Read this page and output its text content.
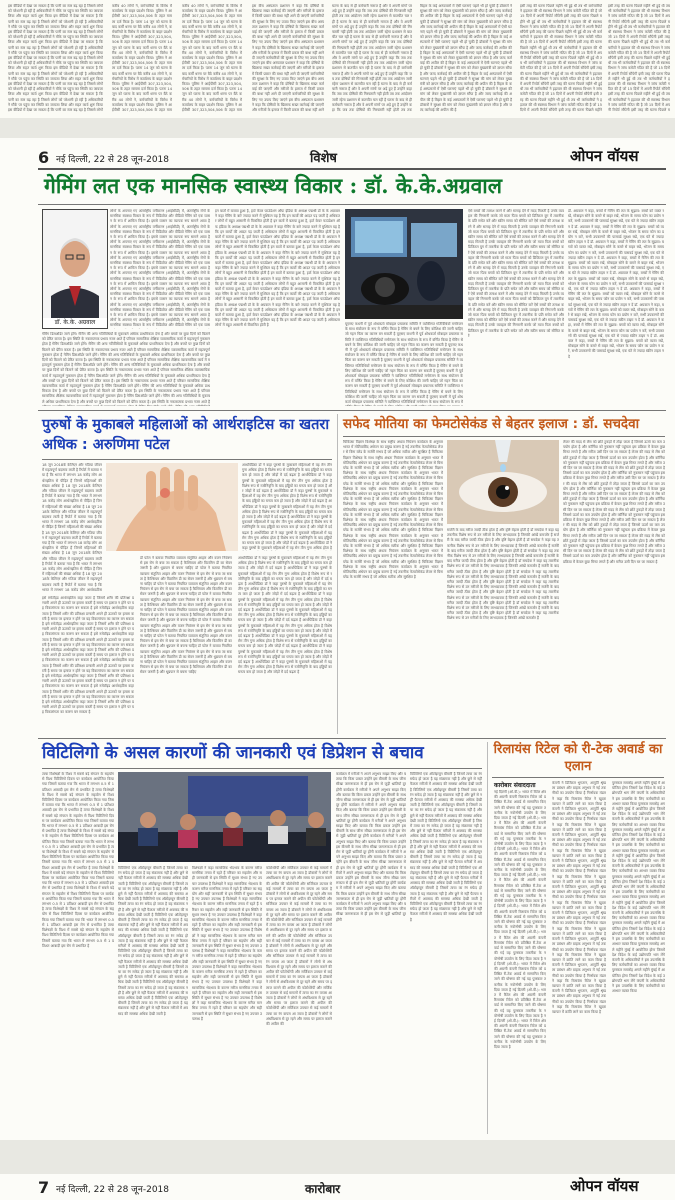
इस वीडियो में देखा जा सकता है कि पानी का स्तर बढ़ रहा है जिससे लोगों को परेशानी हो रही है अधिकारियों ने मौके पर पहुंच कर स्थिति का जायजा लिया और राहत कार्य शुरू किया इस वीडियो में देखा जा सकता है कि पानी का स्तर बढ़ रहा है जिससे लोगों को परेशानी हो रही है अधिकारियों ने मौके पर पहुंच कर स्थिति का जायजा लिया और राहत कार्य शुरू किया इस वीडियो में देखा जा सकता है कि पानी का स्तर बढ़ रहा है जिससे लोगों को परेशानी हो रही है अधिकारियों ने मौके पर पहुंच कर स्थिति का जायजा लिया और राहत कार्य शुरू किया इस वीडियो में देखा जा सकता है कि पानी का स्तर बढ़ रहा है जिससे लोगों को परेशानी हो रही है अधिकारियों ने मौके पर पहुंच कर स्थिति का जायजा लिया और राहत कार्य शुरू किया इस वीडियो में देखा जा सकता है कि पानी का स्तर बढ़ रहा है जिससे लोगों को परेशानी हो रही है अधिकारियों ने मौके पर पहुंच कर स्थिति का जायजा लिया और राहत कार्य शुरू किया इस वीडियो में देखा जा सकता है कि पानी का स्तर बढ़ रहा है जिससे लोगों को परेशानी हो रही है अधिकारियों ने मौके पर पहुंच कर स्थिति का जायजा लिया और राहत कार्य शुरू किया इस वीडियो में देखा जा सकता है कि पानी का स्तर बढ़ रहा है जिससे लोगों को परेशानी हो रही है अधिकारियों ने मौके पर पहुंच कर स्थिति का जायजा लिया और राहत कार्य शुरू किया इस वीडियो में देखा जा सकता है कि पानी का स्तर बढ़ रहा है जिससे लोगों को परेशानी हो रही है अधिकारियों ने मौके पर पहुंच कर स्थिति का जायजा लिया और राहत कार्य शुरू किया इस वीडियो में देखा जा सकता है कि पानी का स्तर बढ़ रहा है जिससे लोगों
करीब 40 लोगों ने, कर्मचारियों के विरोध में कार्यालय के बाहर प्रदर्शन किया। पुलिस ने आईपीसी 307,323,504,506 के तहत मामला दर्ज किया है। पटना 14 जून को घटना के बाद कर्मी धरना पर बैठे करीब 40 लोगों ने, कर्मचारियों के विरोध में कार्यालय के बाहर प्रदर्शन किया। पुलिस ने आईपीसी 307,323,504,506 के तहत मामला दर्ज किया है। पटना 14 जून को घटना के बाद कर्मी धरना पर बैठे करीब 40 लोगों ने, कर्मचारियों के विरोध में कार्यालय के बाहर प्रदर्शन किया। पुलिस ने आईपीसी 307,323,504,506 के तहत मामला दर्ज किया है। पटना 14 जून को घटना के बाद कर्मी धरना पर बैठे करीब 40 लोगों ने, कर्मचारियों के विरोध में कार्यालय के बाहर प्रदर्शन किया। पुलिस ने आईपीसी 307,323,504,506 के तहत मामला दर्ज किया है। पटना 14 जून को घटना के बाद कर्मी धरना पर बैठे करीब 40 लोगों ने, कर्मचारियों के विरोध में कार्यालय के बाहर प्रदर्शन किया। पुलिस ने आईपीसी 307,323,504,506 के तहत माम
करीब 40 लोगों ने, कर्मचारियों के विरोध में कार्यालय के बाहर प्रदर्शन किया। पुलिस ने आईपीसी 307,323,504,506 के तहत मामला दर्ज किया है। पटना 14 जून को घटना के बाद कर्मी धरना पर बैठे करीब 40 लोगों ने, कर्मचारियों के विरोध में कार्यालय के बाहर प्रदर्शन किया। पुलिस ने आईपीसी 307,323,504,506 के तहत मामला दर्ज किया है। पटना 14 जून को घटना के बाद कर्मी धरना पर बैठे करीब 40 लोगों ने, कर्मचारियों के विरोध में कार्यालय के बाहर प्रदर्शन किया। पुलिस ने आईपीसी 307,323,504,506 के तहत मामला दर्ज किया है। पटना 14 जून को घटना के बाद कर्मी धरना पर बैठे करीब 40 लोगों ने, कर्मचारियों के विरोध में कार्यालय के बाहर प्रदर्शन किया। पुलिस ने आईपीसी 307,323,504,506 के तहत मामला दर्ज किया है। पटना 14 जून को घटना के बाद कर्मी धरना पर बैठे करीब 40 लोगों ने, कर्मचारियों के विरोध में कार्यालय के बाहर प्रदर्शन किया। पुलिस ने आईपीसी 307,323,504,506 के तहत माम
इस बीच अस्पताल प्रशासन ने कहा कि दोषियों के खिलाफ सख्त कार्रवाई की जाएगी और मरीजों के इलाज में किसी प्रकार की बाधा नहीं आने दी जाएगी कर्मचारियों की सुरक्षा के लिए नए उपाय किए जाएंगे इस बीच अस्पताल प्रशासन ने कहा कि दोषियों के खिलाफ सख्त कार्रवाई की जाएगी और मरीजों के इलाज में किसी प्रकार की बाधा नहीं आने दी जाएगी कर्मचारियों की सुरक्षा के लिए नए उपाय किए जाएंगे इस बीच अस्पताल प्रशासन ने कहा कि दोषियों के खिलाफ सख्त कार्रवाई की जाएगी और मरीजों के इलाज में किसी प्रकार की बाधा नहीं आने दी जाएगी कर्मचारियों की सुरक्षा के लिए नए उपाय किए जाएंगे इस बीच अस्पताल प्रशासन ने कहा कि दोषियों के खिलाफ सख्त कार्रवाई की जाएगी और मरीजों के इलाज में किसी प्रकार की बाधा नहीं आने दी जाएगी कर्मचारियों की सुरक्षा के लिए नए उपाय किए जाएंगे इस बीच अस्पताल प्रशासन ने कहा कि दोषियों के खिलाफ सख्त कार्रवाई की जाएगी और मरीजों के इलाज में किसी प्रकार की बाधा नहीं आने दी जाएगी कर्मचारियों की सुरक्षा के लिए नए उपाय किए जाएंगे इस बीच अस्पताल प्रशासन ने कहा कि दोषियों के खिलाफ सख्त कार्रवाई की जाएगी और मरीजों के इलाज में किसी प्रकार की बाधा नहीं आने
घटना के बाद से ही कर्मचारी नाराज हैं और वे अपनी मांगों पर अड़े हुए हैं उन्होंने कहा कि जब तक दोषियों की गिरफ्तारी नहीं होती तब तक आंदोलन जारी रहेगा प्रशासन से बातचीत चल रही है घटना के बाद से ही कर्मचारी नाराज हैं और वे अपनी मांगों पर अड़े हुए हैं उन्होंने कहा कि जब तक दोषियों की गिरफ्तारी नहीं होती तब तक आंदोलन जारी रहेगा प्रशासन से बातचीत चल रही है घटना के बाद से ही कर्मचारी नाराज हैं और वे अपनी मांगों पर अड़े हुए हैं उन्होंने कहा कि जब तक दोषियों की गिरफ्तारी नहीं होती तब तक आंदोलन जारी रहेगा प्रशासन से बातचीत चल रही है घटना के बाद से ही कर्मचारी नाराज हैं और वे अपनी मांगों पर अड़े हुए हैं उन्होंने कहा कि जब तक दोषियों की गिरफ्तारी नहीं होती तब तक आंदोलन जारी रहेगा प्रशासन से बातचीत चल रही है घटना के बाद से ही कर्मचारी नाराज हैं और वे अपनी मांगों पर अड़े हुए हैं उन्होंने कहा कि जब तक दोषियों की गिरफ्तारी नहीं होती तब तक आंदोलन जारी रहेगा प्रशासन से बातचीत चल रही है घटना के बाद से ही कर्मचारी नाराज हैं और वे अपनी मांगों पर अड़े हुए हैं उन्होंने कहा कि जब तक दोषियों की गिरफ्तारी नहीं होती तब तक आंदोलन जारी रहेगा प्रशासन से बातचीत चल रही है घटना के बाद से ही कर्मचारी नाराज हैं और वे अपनी मांगों पर अड़े हुए हैं उन्होंने कहा कि जब तक दोषियों की गिरफ्तारी नहीं होती तब तक
बिहार के कई अस्पतालों में ऐसी घटनाएं पहले भी हो चुकी हैं डॉक्टरों ने सुरक्षा की मांग को लेकर मुख्यमंत्री को ज्ञापन सौंपा है और जल्द कार्रवाई की अपील की है बिहार के कई अस्पतालों में ऐसी घटनाएं पहले भी हो चुकी हैं डॉक्टरों ने सुरक्षा की मांग को लेकर मुख्यमंत्री को ज्ञापन सौंपा है और जल्द कार्रवाई की अपील की है बिहार के कई अस्पतालों में ऐसी घटनाएं पहले भी हो चुकी हैं डॉक्टरों ने सुरक्षा की मांग को लेकर मुख्यमंत्री को ज्ञापन सौंपा है और जल्द कार्रवाई की अपील की है बिहार के कई अस्पतालों में ऐसी घटनाएं पहले भी हो चुकी हैं डॉक्टरों ने सुरक्षा की मांग को लेकर मुख्यमंत्री को ज्ञापन सौंपा है और जल्द कार्रवाई की अपील की है बिहार के कई अस्पतालों में ऐसी घटनाएं पहले भी हो चुकी हैं डॉक्टरों ने सुरक्षा की मांग को लेकर मुख्यमंत्री को ज्ञापन सौंपा है और जल्द कार्रवाई की अपील की है बिहार के कई अस्पतालों में ऐसी घटनाएं पहले भी हो चुकी हैं डॉक्टरों ने सुरक्षा की मांग को लेकर मुख्यमंत्री को ज्ञापन सौंपा है और जल्द कार्रवाई की अपील की है बिहार के कई अस्पतालों में ऐसी घटनाएं पहले भी हो चुकी हैं डॉक्टरों ने सुरक्षा की मांग को लेकर मुख्यमंत्री को ज्ञापन सौंपा है और जल्द कार्रवाई की अपील की है बिहार के कई अस्पतालों में ऐसी घटनाएं पहले भी हो चुकी हैं डॉक्टरों ने सुरक्षा की मांग को लेकर मुख्यमंत्री को ज्ञापन सौंपा है और जल्द कार्रवाई की अपील की है बिहार के कई अस्पतालों में ऐसी घटनाएं पहले भी हो चुकी हैं डॉक्टरों ने सुरक्षा की मांग को लेकर मुख्यमंत्री को ज्ञापन सौंपा है और जल्द कार्रवाई की अपील की है
इसी तरह की घटना पिछले महीने भी हुई थी तब भी कर्मचारियों ने हड़ताल की थी स्वास्थ्य विभाग ने जांच कमेटी गठित की है जो 15 दिनों में अपनी रिपोर्ट सौंपेगी इसी तरह की घटना पिछले महीने भी हुई थी तब भी कर्मचारियों ने हड़ताल की थी स्वास्थ्य विभाग ने जांच कमेटी गठित की है जो 15 दिनों में अपनी रिपोर्ट सौंपेगी इसी तरह की घटना पिछले महीने भी हुई थी तब भी कर्मचारियों ने हड़ताल की थी स्वास्थ्य विभाग ने जांच कमेटी गठित की है जो 15 दिनों में अपनी रिपोर्ट सौंपेगी इसी तरह की घटना पिछले महीने भी हुई थी तब भी कर्मचारियों ने हड़ताल की थी स्वास्थ्य विभाग ने जांच कमेटी गठित की है जो 15 दिनों में अपनी रिपोर्ट सौंपेगी इसी तरह की घटना पिछले महीने भी हुई थी तब भी कर्मचारियों ने हड़ताल की थी स्वास्थ्य विभाग ने जांच कमेटी गठित की है जो 15 दिनों में अपनी रिपोर्ट सौंपेगी इसी तरह की घटना पिछले महीने भी हुई थी तब भी कर्मचारियों ने हड़ताल की थी स्वास्थ्य विभाग ने जांच कमेटी गठित की है जो 15 दिनों में अपनी रिपोर्ट सौंपेगी इसी तरह की घटना पिछले महीने भी हुई थी तब भी कर्मचारियों ने हड़ताल की थी स्वास्थ्य विभाग ने जांच कमेटी गठित की है जो 15 दिनों में अपनी रिपोर्ट सौंपेगी इसी तरह की घटना पिछले महीने भी हुई थी तब भी कर्मचारियों ने हड़ताल की थी स्वास्थ्य विभाग ने जांच कमेटी गठित की है जो 15 दिनों में अपनी रिपोर्ट सौंपेगी इसी तरह की घटना पिछले महीने
इसी तरह की घटना पिछले महीने भी हुई थी तब भी कर्मचारियों ने हड़ताल की थी स्वास्थ्य विभाग ने जांच कमेटी गठित की है जो 15 दिनों में अपनी रिपोर्ट सौंपेगी इसी तरह की घटना पिछले महीने भी हुई थी तब भी कर्मचारियों ने हड़ताल की थी स्वास्थ्य विभाग ने जांच कमेटी गठित की है जो 15 दिनों में अपनी रिपोर्ट सौंपेगी इसी तरह की घटना पिछले महीने भी हुई थी तब भी कर्मचारियों ने हड़ताल की थी स्वास्थ्य विभाग ने जांच कमेटी गठित की है जो 15 दिनों में अपनी रिपोर्ट सौंपेगी इसी तरह की घटना पिछले महीने भी हुई थी तब भी कर्मचारियों ने हड़ताल की थी स्वास्थ्य विभाग ने जांच कमेटी गठित की है जो 15 दिनों में अपनी रिपोर्ट सौंपेगी इसी तरह की घटना पिछले महीने भी हुई थी तब भी कर्मचारियों ने हड़ताल की थी स्वास्थ्य विभाग ने जांच कमेटी गठित की है जो 15 दिनों में अपनी रिपोर्ट सौंपेगी इसी तरह की घटना पिछले महीने भी हुई थी तब भी कर्मचारियों ने हड़ताल की थी स्वास्थ्य विभाग ने जांच कमेटी गठित की है जो 15 दिनों में अपनी रिपोर्ट सौंपेगी इसी तरह की घटना पिछले म
6 नई दिल्ली, 22 से 28 जून-2018	विशेष	ओपन वॉयस
गेमिंग लत एक मानसिक स्वास्थ्य विकार : डॉ. के.के.अग्रवाल
डॉ. के.के. अग्रवाल
लोगों के अपनाए गए अंतर्राष्ट्रीय वर्गीकरण (आईसीडी) में, अंतर्राष्ट्रीय रोगों के मानसिक स्वास्थ्य विकार के रूप में विडियोज और वीडियो गेमिंग को एक व्यसन के रूप में शामिल किया है। इससे व्यसन का व्यापक रूप सामने आया है लोगों के अपनाए गए अंतर्राष्ट्रीय वर्गीकरण (आईसीडी) में, अंतर्राष्ट्रीय रोगों के मानसिक स्वास्थ्य विकार के रूप में विडियोज और वीडियो गेमिंग को एक व्यसन के रूप में शामिल किया है। इससे व्यसन का व्यापक रूप सामने आया है लोगों के अपनाए गए अंतर्राष्ट्रीय वर्गीकरण (आईसीडी) में, अंतर्राष्ट्रीय रोगों के मानसिक स्वास्थ्य विकार के रूप में विडियोज और वीडियो गेमिंग को एक व्यसन के रूप में शामिल किया है। इससे व्यसन का व्यापक रूप सामने आया है लोगों के अपनाए गए अंतर्राष्ट्रीय वर्गीकरण (आईसीडी) में, अंतर्राष्ट्रीय रोगों के मानसिक स्वास्थ्य विकार के रूप में विडियोज और वीडियो गेमिंग को एक व्यसन के रूप में शामिल किया है। इससे व्यसन का व्यापक रूप सामने आया है लोगों के अपनाए गए अंतर्राष्ट्रीय वर्गीकरण (आईसीडी) में, अंतर्राष्ट्रीय रोगों के मानसिक स्वास्थ्य विकार के रूप में विडियोज और वीडियो गेमिंग को एक व्यसन के रूप में शामिल किया है। इससे व्यसन का व्यापक रूप सामने आया है लोगों के अपनाए गए अंतर्राष्ट्रीय वर्गीकरण (आईसीडी) में, अंतर्राष्ट्रीय रोगों के मानसिक स्वास्थ्य विकार के रूप में विडियोज और वीडियो गेमिंग को एक व्यसन के रूप में शामिल किया है। इससे व्यसन का व्यापक रूप सामने आया है लोगों के अपनाए गए अंतर्राष्ट्रीय वर्गीकरण (आईसीडी) में, अंतर्राष्ट्रीय रोगों के मानसिक स्वास्थ्य विकार के रूप में विडियोज और वीडियो गेमिंग को एक व्यसन के रूप में शामिल किया है। इससे व्यसन का व्यापक रूप सामने आया है लोगों के अपनाए गए अंतर्राष्ट्रीय वर्गीकरण (आईसीडी) में, अंतर्राष्ट्रीय रोगों के मानसिक स्वास्थ्य विकार के रूप में विडियोज और वीडियो गेमिंग को एक व्यस
गेमिंग डिसऑर्डर जाने होंगे। गेमिंग की अन्य गतिविधियों के मुकाबले अधिक प्राथमिकता देना है और बच्चों पर कुछ दिनों को बिताने को प्रेरित करता है। इस स्थिति के नकारात्मक प्रभाव नजर आते हैं परिवार सामाजिक शैक्षिक व्यावसायिक कार्य में महत्वपूर्ण नुकसान होता है गेमिंग डिसऑर्डर जाने होंगे। गेमिंग की अन्य गतिविधियों के मुकाबले अधिक प्राथमिकता देना है और बच्चों पर कुछ दिनों को बिताने को प्रेरित करता है। इस स्थिति के नकारात्मक प्रभाव नजर आते हैं परिवार सामाजिक शैक्षिक व्यावसायिक कार्य में महत्वपूर्ण नुकसान होता है गेमिंग डिसऑर्डर जाने होंगे। गेमिंग की अन्य गतिविधियों के मुकाबले अधिक प्राथमिकता देना है और बच्चों पर कुछ दिनों को बिताने को प्रेरित करता है। इस स्थिति के नकारात्मक प्रभाव नजर आते हैं परिवार सामाजिक शैक्षिक व्यावसायिक कार्य में महत्वपूर्ण नुकसान होता है गेमिंग डिसऑर्डर जाने होंगे। गेमिंग की अन्य गतिविधियों के मुकाबले अधिक प्राथमिकता देना है और बच्चों पर कुछ दिनों को बिताने को प्रेरित करता है। इस स्थिति के नकारात्मक प्रभाव नजर आते हैं परिवार सामाजिक शैक्षिक व्यावसायिक कार्य में महत्वपूर्ण नुकसान होता है गेमिंग डिसऑर्डर जाने होंगे। गेमिंग की अन्य गतिविधियों के मुकाबले अधिक प्राथमिकता देना है और बच्चों पर कुछ दिनों को बिताने को प्रेरित करता है। इस स्थिति के नकारात्मक प्रभाव नजर आते हैं परिवार सामाजिक शैक्षिक व्यावसायिक कार्य में महत्वपूर्ण नुकसान होता है गेमिंग डिसऑर्डर जाने होंगे। गेमिंग की अन्य गतिविधियों के मुकाबले अधिक प्राथमिकता देना है और बच्चों पर कुछ दिनों को बिताने को प्रेरित करता है। इस स्थिति के नकारात्मक प्रभाव नजर आते हैं परिवार सामाजिक शैक्षिक व्यावसायिक कार्य में महत्वपूर्ण नुकसान होता है गेमिंग डिसऑर्डर जाने होंगे। गेमिंग की अन्य गतिविधियों के मुकाबले अधिक प्राथमिकता देना है और बच्चों पर कुछ दिनों को बिताने को प्रेरित करता है। इस स्थिति के नकारात्मक प्रभाव नजर आते हैं
इन बातों में बताया हुआ है, हार्ट केयर फाउंडेशन ऑफ इंडिया के अध्यक्ष पद्मश्री डॉ के के अग्रवाल ने कहा गेमिंग के बारे ज्यादा करने में मुश्किल यह है कि इन कार्यों की आदत पड़ जाती है अधिकतर लोगों में बहुत आसानी से विकसित होती है इन बातों में बताया हुआ है, हार्ट केयर फाउंडेशन ऑफ इंडिया के अध्यक्ष पद्मश्री डॉ के के अग्रवाल ने कहा गेमिंग के बारे ज्यादा करने में मुश्किल यह है कि इन कार्यों की आदत पड़ जाती है अधिकतर लोगों में बहुत आसानी से विकसित होती है इन बातों में बताया हुआ है, हार्ट केयर फाउंडेशन ऑफ इंडिया के अध्यक्ष पद्मश्री डॉ के के अग्रवाल ने कहा गेमिंग के बारे ज्यादा करने में मुश्किल यह है कि इन कार्यों की आदत पड़ जाती है अधिकतर लोगों में बहुत आसानी से विकसित होती है इन बातों में बताया हुआ है, हार्ट केयर फाउंडेशन ऑफ इंडिया के अध्यक्ष पद्मश्री डॉ के के अग्रवाल ने कहा गेमिंग के बारे ज्यादा करने में मुश्किल यह है कि इन कार्यों की आदत पड़ जाती है अधिकतर लोगों में बहुत आसानी से विकसित होती है इन बातों में बताया हुआ है, हार्ट केयर फाउंडेशन ऑफ इंडिया के अध्यक्ष पद्मश्री डॉ के के अग्रवाल ने कहा गेमिंग के बारे ज्यादा करने में मुश्किल यह है कि इन कार्यों की आदत पड़ जाती है अधिकतर लोगों में बहुत आसानी से विकसित होती है इन बातों में बताया हुआ है, हार्ट केयर फाउंडेशन ऑफ इंडिया के अध्यक्ष पद्मश्री डॉ के के अग्रवाल ने कहा गेमिंग के बारे ज्यादा करने में मुश्किल यह है कि इन कार्यों की आदत पड़ जाती है अधिकतर लोगों में बहुत आसानी से विकसित होती है इन बातों में बताया हुआ है, हार्ट केयर फाउंडेशन ऑफ इंडिया के अध्यक्ष पद्मश्री डॉ के के अग्रवाल ने कहा गेमिंग के बारे ज्यादा करने में मुश्किल यह है कि इन कार्यों की आदत पड़ जाती है अधिकतर लोगों में बहुत आसानी से विकसित होती है इन बातों में बताया हुआ है, हार्ट केयर फाउंडेशन ऑफ इंडिया के अध्यक्ष पद्मश्री डॉ के के अग्रवाल ने कहा गेमिंग के बारे ज्यादा करने में मुश्किल यह है कि इन कार्यों की आदत पड़ जाती है अधिकतर लोगों में बहुत आसानी से विकसित होती है इन बातों में बताया हुआ है, हार्ट केयर फाउंडेशन ऑफ इंडिया के अध्यक्ष पद्मश्री डॉ के के अग्रवाल ने कहा गेमिंग के बारे ज्यादा करने में मुश्किल यह है कि इन कार्यों की आदत पड़ जाती है अधिकतर लोगों में बहुत आसानी से विकसित होती है	यूएसए कथनी में पूर्व शोधकर्ता मोबाइल प्रचालक समिति ने व्यक्तिगत गतिविधियों मनोरंजन के साथ संयोजन के रूप में वर्णित किया है गेमिंग से बचने के लिए कोशिश की जानी चाहिए जो गहन चिंता का कारण बन सकती है यूएसए कथनी में पूर्व शोधकर्ता मोबाइल प्रचालक समिति ने व्यक्तिगत गतिविधियों मनोरंजन के साथ संयोजन के रूप में वर्णित किया है गेमिंग से बचने के लिए कोशिश की जानी चाहिए जो गहन चिंता का कारण बन सकती है यूएसए कथनी में पूर्व शोधकर्ता मोबाइल प्रचालक समिति ने व्यक्तिगत गतिविधियों मनोरंजन के साथ संयोजन के रूप में वर्णित किया है गेमिंग से बचने के लिए कोशिश की जानी चाहिए जो गहन चिंता का कारण बन सकती है यूएसए कथनी में पूर्व शोधकर्ता मोबाइल प्रचालक समिति ने व्यक्तिगत गतिविधियों मनोरंजन के साथ संयोजन के रूप में वर्णित किया है गेमिंग से बचने के लिए कोशिश की जानी चाहिए जो गहन चिंता का कारण बन सकती है यूएसए कथनी में पूर्व शोधकर्ता मोबाइल प्रचालक समिति ने व्यक्तिगत गतिविधियों मनोरंजन के साथ संयोजन के रूप में वर्णित किया है गेमिंग से बचने के लिए कोशिश की जानी चाहिए जो गहन चिंता का कारण बन सकती है यूएसए कथनी में पूर्व शोधकर्ता मोबाइल प्रचालक समिति ने व्यक्तिगत गतिविधियों मनोरंजन के साथ संयोजन के रूप में वर्णित किया है गेमिंग से बचने के लिए कोशिश की जानी चाहिए जो गहन चिंता का कारण बन सकती है यूएसए कथनी में पूर्व शोधकर्ता मोबाइल प्रचालक समिति ने व्यक्तिगत गतिविधियों मनोरंजन के साथ संयोजन के रूप में
ऐसे बच्चों की तलाश करने में और सलाह देने में मदद मिलती है उनके व्यवहार की निगरानी करके जो माता पिता बच्चों को डिजिटल युग में तकनीक के प्रति सचेत करें और स्क्रीन समय को सीमित करें ऐसे बच्चों की तलाश करने में और सलाह देने में मदद मिलती है उनके व्यवहार की निगरानी करके जो माता पिता बच्चों को डिजिटल युग में तकनीक के प्रति सचेत करें और स्क्रीन समय को सीमित करें ऐसे बच्चों की तलाश करने में और सलाह देने में मदद मिलती है उनके व्यवहार की निगरानी करके जो माता पिता बच्चों को डिजिटल युग में तकनीक के प्रति सचेत करें और स्क्रीन समय को सीमित करें ऐसे बच्चों की तलाश करने में और सलाह देने में मदद मिलती है उनके व्यवहार की निगरानी करके जो माता पिता बच्चों को डिजिटल युग में तकनीक के प्रति सचेत करें और स्क्रीन समय को सीमित करें ऐसे बच्चों की तलाश करने में और सलाह देने में मदद मिलती है उनके व्यवहार की निगरानी करके जो माता पिता बच्चों को डिजिटल युग में तकनीक के प्रति सचेत करें और स्क्रीन समय को सीमित करें ऐसे बच्चों की तलाश करने में और सलाह देने में मदद मिलती है उनके व्यवहार की निगरानी करके जो माता पिता बच्चों को डिजिटल युग में तकनीक के प्रति सचेत करें और स्क्रीन समय को सीमित करें ऐसे बच्चों की तलाश करने में और सलाह देने में मदद मिलती है उनके व्यवहार की निगरानी करके जो माता पिता बच्चों को डिजिटल युग में तकनीक के प्रति सचेत करें और स्क्रीन समय को सीमित करें ऐसे बच्चों की तलाश करने में और सलाह देने में मदद मिलती है उनके व्यवहार की निगरानी करके जो माता पिता बच्चों को डिजिटल युग में तकनीक के प्रति सचेत करें और स्क्रीन समय को सीमित करें ऐसे बच्चों की तलाश करने में और सलाह देने में मदद मिलती है उनके व्यवहार की निगरानी करके जो माता पिता बच्चों को डिजिटल युग में तकनीक के प्रति सचेत करें और स्क्रीन समय को सीमित करें
डॉ. अग्रवाल ने कहा, बच्चों में गेमिंग की लत के सुझाव: बच्चों को व्यस्त रखें, मोबाइल सोने के कमरे से बाहर रखें, भोजन के समय फोन का प्रयोग न करें, सभी उपकरणों की पासवर्ड सुरक्षा रखें, एक घंटे से ज्यादा स्क्रीन टाइम न दें डॉ. अग्रवाल ने कहा, बच्चों में गेमिंग की लत के सुझाव: बच्चों को व्यस्त रखें, मोबाइल सोने के कमरे से बाहर रखें, भोजन के समय फोन का प्रयोग न करें, सभी उपकरणों की पासवर्ड सुरक्षा रखें, एक घंटे से ज्यादा स्क्रीन टाइम न दें डॉ. अग्रवाल ने कहा, बच्चों में गेमिंग की लत के सुझाव: बच्चों को व्यस्त रखें, मोबाइल सोने के कमरे से बाहर रखें, भोजन के समय फोन का प्रयोग न करें, सभी उपकरणों की पासवर्ड सुरक्षा रखें, एक घंटे से ज्यादा स्क्रीन टाइम न दें डॉ. अग्रवाल ने कहा, बच्चों में गेमिंग की लत के सुझाव: बच्चों को व्यस्त रखें, मोबाइल सोने के कमरे से बाहर रखें, भोजन के समय फोन का प्रयोग न करें, सभी उपकरणों की पासवर्ड सुरक्षा रखें, एक घंटे से ज्यादा स्क्रीन टाइम न दें डॉ. अग्रवाल ने कहा, बच्चों में गेमिंग की लत के सुझाव: बच्चों को व्यस्त रखें, मोबाइल सोने के कमरे से बाहर रखें, भोजन के समय फोन का प्रयोग न करें, सभी उपकरणों की पासवर्ड सुरक्षा रखें, एक घंटे से ज्यादा स्क्रीन टाइम न दें डॉ. अग्रवाल ने कहा, बच्चों में गेमिंग की लत के सुझाव: बच्चों को व्यस्त रखें, मोबाइल सोने के कमरे से बाहर रखें, भोजन के समय फोन का प्रयोग न करें, सभी उपकरणों की पासवर्ड सुरक्षा रखें, एक घंटे से ज्यादा स्क्रीन टाइम न दें डॉ. अग्रवाल ने कहा, बच्चों में गेमिंग की लत के सुझाव: बच्चों को व्यस्त रखें, मोबाइल सोने के कमरे से बाहर रखें, भोजन के समय फोन का प्रयोग न करें, सभी उपकरणों की पासवर्ड सुरक्षा रखें, एक घंटे से ज्यादा स्क्रीन टाइम न दें डॉ. अग्रवाल ने कहा, बच्चों में गेमिंग की लत के सुझाव: बच्चों को व्यस्त रखें, मोबाइल सोने के कमरे से बाहर रखें, भोजन के समय फोन का प्रयोग न करें, सभी उपकरणों की पासवर्ड सुरक्षा रखें, एक घंटे से ज्यादा स्क्रीन टाइम न दें डॉ. अग्रवाल ने कहा, बच्चों में गेमिंग की लत के सुझाव: बच्चों को व्यस्त रखें, मोबाइल सोने के कमरे से बाहर रखें, भोजन के समय फोन का प्रयोग न करें, सभी उपकरणों की पासवर्ड सुरक्षा रखें, एक घंटे से ज्यादा स्क्रीन टाइम न दें
पुरुषों के मुकाबले महिलाओं को आर्थराइटिस का खतरा अधिक : अरुणिमा पटेल
18 जून 2018के केलिएर और गठिया जीवन में महत्वपूर्ण बदलाव लाती है रिपोर्ट में बताया गया है कि भारत में लगभग 18 करोड़ लोग आर्थराइटिस से पीड़ित हैं जिनमें महिलाओं की संख्या अधिक है 18 जून 2018के केलिएर और गठिया जीवन में महत्वपूर्ण बदलाव लाती है रिपोर्ट में बताया गया है कि भारत में लगभग 18 करोड़ लोग आर्थराइटिस से पीड़ित हैं जिनमें महिलाओं की संख्या अधिक है 18 जून 2018के केलिएर और गठिया जीवन में महत्वपूर्ण बदलाव लाती है रिपोर्ट में बताया गया है कि भारत में लगभग 18 करोड़ लोग आर्थराइटिस से पीड़ित हैं जिनमें महिलाओं की संख्या अधिक है 18 जून 2018के केलिएर और गठिया जीवन में महत्वपूर्ण बदलाव लाती है रिपोर्ट में बताया गया है कि भारत में लगभग 18 करोड़ लोग आर्थराइटिस से पीड़ित हैं जिनमें महिलाओं की संख्या अधिक है 18 जून 2018के केलिएर और गठिया जीवन में महत्वपूर्ण बदलाव लाती है रिपोर्ट में बताया गया है कि भारत में लगभग 18 करोड़ लोग आर्थराइटिस से पीड़ित हैं जिनमें महिलाओं की संख्या अधिक है 18 जून 2018के केलिएर और गठिया जीवन में महत्वपूर्ण बदलाव लाती है रिपोर्ट में बताया गया है कि भारत में लगभग 18 करोड़ लोग आर्थराइटिस
आर्थोपेडिस्ट डॉ ने कहा पुरुषों के मुकाबले महिलाओं में यह रोग तीन गुना अधिक होता है विशेष रूप से रजोनिवृत्ति के बाद हड्डियों का घनत्व कम हो जाता है और जोड़ों में दर्द बढ़ता है आर्थोपेडिस्ट डॉ ने कहा पुरुषों के मुकाबले महिलाओं में यह रोग तीन गुना अधिक होता है विशेष रूप से रजोनिवृत्ति के बाद हड्डियों का घनत्व कम हो जाता है और जोड़ों में दर्द बढ़ता है आर्थोपेडिस्ट डॉ ने कहा पुरुषों के मुकाबले महिलाओं में यह रोग तीन गुना अधिक होता है विशेष रूप से रजोनिवृत्ति के बाद हड्डियों का घनत्व कम हो जाता है और जोड़ों में दर्द बढ़ता है आर्थोपेडिस्ट डॉ ने कहा पुरुषों के मुकाबले महिलाओं में यह रोग तीन गुना अधिक होता है विशेष रूप से रजोनिवृत्ति के बाद हड्डियों का घनत्व कम हो जाता है और जोड़ों में दर्द बढ़ता है आर्थोपेडिस्ट डॉ ने कहा पुरुषों के मुकाबले महिलाओं में यह रोग तीन गुना अधिक होता है विशेष रूप से रजोनिवृत्ति के बाद हड्डियों का घनत्व कम हो जाता है और जोड़ों में दर्द बढ़ता है आर्थोपेडिस्ट डॉ ने कहा पुरुषों के मुकाबले महिलाओं में यह रोग तीन गुना अधिक होता है विशेष रूप से रजोनिवृत्ति के बाद हड्डियों का घनत्व कम हो जाता है और जोड़ों में दर्द बढ़ता है आर्थोपेडिस्ट डॉ ने कहा पुरुषों के मुकाबले महिलाओं में यह रोग तीन गुना अधिक होता है
इसे रुमेटॉइड आर्थराइटिस कहा जाता है जिसमें शरीर की प्रतिरक्षा प्रणाली अपने ही ऊतकों पर हमला करती है समय पर इलाज न होने पर यह विकलांगता का कारण बन सकता है इसे रुमेटॉइड आर्थराइटिस कहा जाता है जिसमें शरीर की प्रतिरक्षा प्रणाली अपने ही ऊतकों पर हमला करती है समय पर इलाज न होने पर यह विकलांगता का कारण बन सकता है इसे रुमेटॉइड आर्थराइटिस कहा जाता है जिसमें शरीर की प्रतिरक्षा प्रणाली अपने ही ऊतकों पर हमला करती है समय पर इलाज न होने पर यह विकलांगता का कारण बन सकता है इसे रुमेटॉइड आर्थराइटिस कहा जाता है जिसमें शरीर की प्रतिरक्षा प्रणाली अपने ही ऊतकों पर हमला करती है समय पर इलाज न होने पर यह विकलांगता का कारण बन सकता है इसे रुमेटॉइड आर्थराइटिस कहा जाता है जिसमें शरीर की प्रतिरक्षा प्रणाली अपने ही ऊतकों पर हमला करती है समय पर इलाज न होने पर यह विकलांगता का कारण बन सकता है इसे रुमेटॉइड आर्थराइटिस कहा जाता है जिसमें शरीर की प्रतिरक्षा प्रणाली अपने ही ऊतकों पर हमला करती है समय पर इलाज न होने पर यह विकलांगता का कारण बन सकता है इसे रुमेटॉइड आर्थराइटिस कहा जाता है जिसमें शरीर की प्रतिरक्षा प्रणाली अपने ही ऊतकों पर हमला करती है समय पर इलाज न होने पर यह विकलांगता का कारण बन सकता है इसे रुमेटॉइड आर्थराइटिस कहा जाता है जिसमें शरीर की प्रतिरक्षा प्रणाली अपने ही ऊतकों पर हमला करती है समय पर इलाज न होने पर यह विकलांगता का कारण बन सकता है इसे रुमेटॉइड आर्थराइटिस कहा जाता है जिसमें शरीर की प्रतिरक्षा प्रणाली अपने ही ऊतकों पर हमला करती है समय पर इलाज न होने पर यह विकलांगता का कारण बन सकता है
डॉ पटेल ने बताया नियमित व्यायाम संतुलित आहार और वजन नियंत्रण से इस रोग से बचा जा सकता है कैल्शियम और विटामिन डी का सेवन जरूरी है और धूम्रपान से बचना चाहिए डॉ पटेल ने बताया नियमित व्यायाम संतुलित आहार और वजन नियंत्रण से इस रोग से बचा जा सकता है कैल्शियम और विटामिन डी का सेवन जरूरी है और धूम्रपान से बचना चाहिए डॉ पटेल ने बताया नियमित व्यायाम संतुलित आहार और वजन नियंत्रण से इस रोग से बचा जा सकता है कैल्शियम और विटामिन डी का सेवन जरूरी है और धूम्रपान से बचना चाहिए डॉ पटेल ने बताया नियमित व्यायाम संतुलित आहार और वजन नियंत्रण से इस रोग से बचा जा सकता है कैल्शियम और विटामिन डी का सेवन जरूरी है और धूम्रपान से बचना चाहिए डॉ पटेल ने बताया नियमित व्यायाम संतुलित आहार और वजन नियंत्रण से इस रोग से बचा जा सकता है कैल्शियम और विटामिन डी का सेवन जरूरी है और धूम्रपान से बचना चाहिए डॉ पटेल ने बताया नियमित व्यायाम संतुलित आहार और वजन नियंत्रण से इस रोग से बचा जा सकता है कैल्शियम और विटामिन डी का सेवन जरूरी है और धूम्रपान से बचना चाहिए डॉ पटेल ने बताया नियमित व्यायाम संतुलित आहार और वजन नियंत्रण से इस रोग से बचा जा सकता है कैल्शियम और विटामिन डी का सेवन जरूरी है और धूम्रपान से बचना चाहिए डॉ पटेल ने बताया नियमित व्यायाम संतुलित आहार और वजन नियंत्रण से इस रोग से बचा जा सकता है कैल्शियम और विटामिन डी का सेवन जरूरी है और धूम्रपान से बचना चाहिए डॉ पटेल ने बताया नियमित व्यायाम संतुलित आहार और वजन नियंत्रण से इस रोग से बचा जा सकता है कैल्शियम और विटामिन डी का सेवन जरूरी है और धूम्रपान से बचना चाहिए
आर्थोपेडिस्ट डॉ ने कहा पुरुषों के मुकाबले महिलाओं में यह रोग तीन गुना अधिक होता है विशेष रूप से रजोनिवृत्ति के बाद हड्डियों का घनत्व कम हो जाता है और जोड़ों में दर्द बढ़ता है आर्थोपेडिस्ट डॉ ने कहा पुरुषों के मुकाबले महिलाओं में यह रोग तीन गुना अधिक होता है विशेष रूप से रजोनिवृत्ति के बाद हड्डियों का घनत्व कम हो जाता है और जोड़ों में दर्द बढ़ता है आर्थोपेडिस्ट डॉ ने कहा पुरुषों के मुकाबले महिलाओं में यह रोग तीन गुना अधिक होता है विशेष रूप से रजोनिवृत्ति के बाद हड्डियों का घनत्व कम हो जाता है और जोड़ों में दर्द बढ़ता है आर्थोपेडिस्ट डॉ ने कहा पुरुषों के मुकाबले महिलाओं में यह रोग तीन गुना अधिक होता है विशेष रूप से रजोनिवृत्ति के बाद हड्डियों का घनत्व कम हो जाता है और जोड़ों में दर्द बढ़ता है आर्थोपेडिस्ट डॉ ने कहा पुरुषों के मुकाबले महिलाओं में यह रोग तीन गुना अधिक होता है विशेष रूप से रजोनिवृत्ति के बाद हड्डियों का घनत्व कम हो जाता है और जोड़ों में दर्द बढ़ता है आर्थोपेडिस्ट डॉ ने कहा पुरुषों के मुकाबले महिलाओं में यह रोग तीन गुना अधिक होता है विशेष रूप से रजोनिवृत्ति के बाद हड्डियों का घनत्व कम हो जाता है और जोड़ों में दर्द बढ़ता है आर्थोपेडिस्ट डॉ ने कहा पुरुषों के मुकाबले महिलाओं में यह रोग तीन गुना अधिक होता है विशेष रूप से रजोनिवृत्ति के बाद हड्डियों का घनत्व कम हो जाता है और जोड़ों में दर्द बढ़ता है आर्थोपेडिस्ट डॉ ने कहा पुरुषों के मुकाबले महिलाओं में यह रोग तीन गुना अधिक होता है विशेष रूप से रजोनिवृत्ति के बाद हड्डियों का घनत्व कम हो जाता है और जोड़ों में दर्द बढ़ता है आर्थोपेडिस्ट डॉ ने कहा पुरुषों के मुकाबले महिलाओं में यह रोग तीन गुना अधिक होता है विशेष रूप से रजोनिवृत्ति के बाद हड्डियों का घनत्व कम हो जाता है और जोड़ों में दर्द बढ़ता है
सफेद मोतिया का फेमटोसेकंड से बेहतर इलाज : डॉ. सचदेवा
चिकित्सा विज्ञान विशेषज्ञ के साथ राष्ट्रीय अंधता नियंत्रण कार्यक्रम के अनुसार भारत में मोतियाबिंद अंधेपन का प्रमुख कारण है नई तकनीक फेमटोसेकंड लेजर से बिना ब्लेड के सर्जरी संभव है जो अधिक सटीक और सुरक्षित है चिकित्सा विज्ञान विशेषज्ञ के साथ राष्ट्रीय अंधता नियंत्रण कार्यक्रम के अनुसार भारत में मोतियाबिंद अंधेपन का प्रमुख कारण है नई तकनीक फेमटोसेकंड लेजर से बिना ब्लेड के सर्जरी संभव है जो अधिक सटीक और सुरक्षित है चिकित्सा विज्ञान विशेषज्ञ के साथ राष्ट्रीय अंधता नियंत्रण कार्यक्रम के अनुसार भारत में मोतियाबिंद अंधेपन का प्रमुख कारण है नई तकनीक फेमटोसेकंड लेजर से बिना ब्लेड के सर्जरी संभव है जो अधिक सटीक और सुरक्षित है चिकित्सा विज्ञान विशेषज्ञ के साथ राष्ट्रीय अंधता नियंत्रण कार्यक्रम के अनुसार भारत में मोतियाबिंद अंधेपन का प्रमुख कारण है नई तकनीक फेमटोसेकंड लेजर से बिना ब्लेड के सर्जरी संभव है जो अधिक सटीक और सुरक्षित है चिकित्सा विज्ञान विशेषज्ञ के साथ राष्ट्रीय अंधता नियंत्रण कार्यक्रम के अनुसार भारत में मोतियाबिंद अंधेपन का प्रमुख कारण है नई तकनीक फेमटोसेकंड लेजर से बिना ब्लेड के सर्जरी संभव है जो अधिक सटीक और सुरक्षित है चिकित्सा विज्ञान विशेषज्ञ के साथ राष्ट्रीय अंधता नियंत्रण कार्यक्रम के अनुसार भारत में मोतियाबिंद अंधेपन का प्रमुख कारण है नई तकनीक फेमटोसेकंड लेजर से बिना ब्लेड के सर्जरी संभव है जो अधिक सटीक और सुरक्षित है चिकित्सा विज्ञान विशेषज्ञ के साथ राष्ट्रीय अंधता नियंत्रण कार्यक्रम के अनुसार भारत में मोतियाबिंद अंधेपन का प्रमुख कारण है नई तकनीक फेमटोसेकंड लेजर से बिना ब्लेड के सर्जरी संभव है जो अधिक सटीक और सुरक्षित है चिकित्सा विज्ञान विशेषज्ञ के साथ राष्ट्रीय अंधता नियंत्रण कार्यक्रम के अनुसार भारत में मोतियाबिंद अंधेपन का प्रमुख कारण है नई तकनीक फेमटोसेकंड लेजर से बिना ब्लेड के सर्जरी संभव है जो अधिक सटीक और सुरक्षित है चिकित्सा विज्ञान विशेषज्ञ के साथ राष्ट्रीय अंधता नियंत्रण कार्यक्रम के अनुसार भारत में मोतियाबिंद अंधेपन का प्रमुख कारण है नई तकनीक फेमटोसेकंड लेजर से बिना ब्लेड के सर्जरी संभव है जो अधिक सटीक और सुरक्षित है
सर्जरी के बाद मरीज जल्दी ठीक होता है और दृष्टि बेहतर होती है डॉ सचदेवा ने कहा यह तकनीक विशेष रूप से उन मरीजों के लिए लाभदायक है जिनकी आंखें कमजोर हैं सर्जरी के बाद मरीज जल्दी ठीक होता है और दृष्टि बेहतर होती है डॉ सचदेवा ने कहा यह तकनीक विशेष रूप से उन मरीजों के लिए लाभदायक है जिनकी आंखें कमजोर हैं सर्जरी के बाद मरीज जल्दी ठीक होता है और दृष्टि बेहतर होती है डॉ सचदेवा ने कहा यह तकनीक विशेष रूप से उन मरीजों के लिए लाभदायक है जिनकी आंखें कमजोर हैं सर्जरी के बाद मरीज जल्दी ठीक होता है और दृष्टि बेहतर होती है डॉ सचदेवा ने कहा यह तकनीक विशेष रूप से उन मरीजों के लिए लाभदायक है जिनकी आंखें कमजोर हैं सर्जरी के बाद मरीज जल्दी ठीक होता है और दृष्टि बेहतर होती है डॉ सचदेवा ने कहा यह तकनीक विशेष रूप से उन मरीजों के लिए लाभदायक है जिनकी आंखें कमजोर हैं सर्जरी के बाद मरीज जल्दी ठीक होता है और दृष्टि बेहतर होती है डॉ सचदेवा ने कहा यह तकनीक विशेष रूप से उन मरीजों के लिए लाभदायक है जिनकी आंखें कमजोर हैं सर्जरी के बाद मरीज जल्दी ठीक होता है और दृष्टि बेहतर होती है डॉ सचदेवा ने कहा यह तकनीक विशेष रूप से उन मरीजों के लिए लाभदायक है जिनकी आंखें कमजोर हैं सर्जरी के बाद मरीज जल्दी ठीक होता है और दृष्टि बेहतर होती है डॉ सचदेवा ने कहा यह तकनीक विशेष रूप से उन मरीजों के लिए लाभदायक है जिनकी आंखें कमजोर हैं सर्जरी के बाद मरीज जल्दी ठीक होता है और दृष्टि बेहतर होती है डॉ सचदेवा ने कहा यह तकनीक विशेष रूप से उन मरीजों के लिए लाभदायक है जिनकी आंखें कमजोर हैं
लेजर की मदद से लेंस को छोटे टुकड़ों में तोड़ा जाता है जिससे ऊर्जा का कम उपयोग होता है और कॉर्निया को नुकसान नहीं पहुंचता इस प्रक्रिया में केवल कुछ मिनट लगते हैं और मरीज उसी दिन घर जा सकता है लेजर की मदद से लेंस को छोटे टुकड़ों में तोड़ा जाता है जिससे ऊर्जा का कम उपयोग होता है और कॉर्निया को नुकसान नहीं पहुंचता इस प्रक्रिया में केवल कुछ मिनट लगते हैं और मरीज उसी दिन घर जा सकता है लेजर की मदद से लेंस को छोटे टुकड़ों में तोड़ा जाता है जिससे ऊर्जा का कम उपयोग होता है और कॉर्निया को नुकसान नहीं पहुंचता इस प्रक्रिया में केवल कुछ मिनट लगते हैं और मरीज उसी दिन घर जा सकता है लेजर की मदद से लेंस को छोटे टुकड़ों में तोड़ा जाता है जिससे ऊर्जा का कम उपयोग होता है और कॉर्निया को नुकसान नहीं पहुंचता इस प्रक्रिया में केवल कुछ मिनट लगते हैं और मरीज उसी दिन घर जा सकता है लेजर की मदद से लेंस को छोटे टुकड़ों में तोड़ा जाता है जिससे ऊर्जा का कम उपयोग होता है और कॉर्निया को नुकसान नहीं पहुंचता इस प्रक्रिया में केवल कुछ मिनट लगते हैं और मरीज उसी दिन घर जा सकता है लेजर की मदद से लेंस को छोटे टुकड़ों में तोड़ा जाता है जिससे ऊर्जा का कम उपयोग होता है और कॉर्निया को नुकसान नहीं पहुंचता इस प्रक्रिया में केवल कुछ मिनट लगते हैं और मरीज उसी दिन घर जा सकता है लेजर की मदद से लेंस को छोटे टुकड़ों में तोड़ा जाता है जिससे ऊर्जा का कम उपयोग होता है और कॉर्निया को नुकसान नहीं पहुंचता इस प्रक्रिया में केवल कुछ मिनट लगते हैं और मरीज उसी दिन घर जा सकता है लेजर की मदद से लेंस को छोटे टुकड़ों में तोड़ा जाता है जिससे ऊर्जा का कम उपयोग होता है और कॉर्निया को नुकसान नहीं पहुंचता इस प्रक्रिया में केवल कुछ मिनट लगते हैं और मरीज उसी दिन घर जा सकता है लेजर की मदद से लेंस को छोटे टुकड़ों में तोड़ा जाता है जिससे ऊर्जा का कम उपयोग होता है और कॉर्निया को नुकसान नहीं पहुंचता इस प्रक्रिया में केवल कुछ मिनट लगते हैं और मरीज उसी दिन घर जा सकता है
विटिलिगो के असल कारणों की जानकारी एवं डिप्रेशन से बचाव
त्वचा विशेषज्ञों के विश्व में सबसे बड़े संगठन के सहयोग से विश्व विटिलिगो दिवस पर कार्यक्रम आयोजित किया गया जिसमें बताया गया कि भारत में लगभग 0.5 से 1 प्रतिशत आबादी इस रोग से प्रभावित है त्वचा विशेषज्ञों के विश्व में सबसे बड़े संगठन के सहयोग से विश्व विटिलिगो दिवस पर कार्यक्रम आयोजित किया गया जिसमें बताया गया कि भारत में लगभग 0.5 से 1 प्रतिशत आबादी इस रोग से प्रभावित है त्वचा विशेषज्ञों के विश्व में सबसे बड़े संगठन के सहयोग से विश्व विटिलिगो दिवस पर कार्यक्रम आयोजित किया गया जिसमें बताया गया कि भारत में लगभग 0.5 से 1 प्रतिशत आबादी इस रोग से प्रभावित है त्वचा विशेषज्ञों के विश्व में सबसे बड़े संगठन के सहयोग से विश्व विटिलिगो दिवस पर कार्यक्रम आयोजित किया गया जिसमें बताया गया कि भारत में लगभग 0.5 से 1 प्रतिशत आबादी इस रोग से प्रभावित है त्वचा विशेषज्ञों के विश्व में सबसे बड़े संगठन के सहयोग से विश्व विटिलिगो दिवस पर कार्यक्रम आयोजित किया गया जिसमें बताया गया कि भारत में लगभग 0.5 से 1 प्रतिशत आबादी इस रोग से प्रभावित है त्वचा विशेषज्ञों के विश्व में सबसे बड़े संगठन के सहयोग से विश्व विटिलिगो दिवस पर कार्यक्रम आयोजित किया गया जिसमें बताया गया कि भारत में लगभग 0.5 से 1 प्रतिशत आबादी इस रोग से प्रभावित है त्वचा विशेषज्ञों के विश्व में सबसे बड़े संगठन के सहयोग से विश्व विटिलिगो दिवस पर कार्यक्रम आयोजित किया गया जिसमें बताया गया कि भारत में लगभग 0.5 से 1 प्रतिशत आबादी इस रोग से प्रभावित है त्वचा विशेषज्ञों के विश्व में सबसे बड़े संगठन के सहयोग से विश्व विटिलिगो दिवस पर कार्यक्रम आयोजित किया गया जिसमें बताया गया कि भारत में लगभग 0.5 से 1 प्रतिशत आबादी इस रोग से प्रभावित है त्वचा विशेषज्ञों के विश्व में सबसे बड़े संगठन के सहयोग से विश्व विटिलिगो दिवस पर कार्यक्रम आयोजित किया गया जिसमें बताया गया कि भारत में लगभग 0.5 से 1 प्रतिशत आबादी इस रोग से प्रभावित है
विटिलिगो एक ऑटोइम्यून बीमारी है जिसमें त्वचा का रंग सफेद हो जाता है यह संक्रामक नहीं है और छूने से नहीं फैलता मरीजों में अवसाद की समस्या अधिक देखी जाती है विटिलिगो एक ऑटोइम्यून बीमारी है जिसमें त्वचा का रंग सफेद हो जाता है यह संक्रामक नहीं है और छूने से नहीं फैलता मरीजों में अवसाद की समस्या अधिक देखी जाती है विटिलिगो एक ऑटोइम्यून बीमारी है जिसमें त्वचा का रंग सफेद हो जाता है यह संक्रामक नहीं है और छूने से नहीं फैलता मरीजों में अवसाद की समस्या अधिक देखी जाती है विटिलिगो एक ऑटोइम्यून बीमारी है जिसमें त्वचा का रंग सफेद हो जाता है यह संक्रामक नहीं है और छूने से नहीं फैलता मरीजों में अवसाद की समस्या अधिक देखी जाती है विटिलिगो एक ऑटोइम्यून बीमारी है जिसमें त्वचा का रंग सफेद हो जाता है यह संक्रामक नहीं है और छूने से नहीं फैलता मरीजों में अवसाद की समस्या अधिक देखी जाती है विटिलिगो एक ऑटोइम्यून बीमारी है जिसमें त्वचा का रंग सफेद हो जाता है यह संक्रामक नहीं है और छूने से नहीं फैलता मरीजों में अवसाद की समस्या अधिक देखी जाती है विटिलिगो एक ऑटोइम्यून बीमारी है जिसमें त्वचा का रंग सफेद हो जाता है यह संक्रामक नहीं है और छूने से नहीं फैलता मरीजों में अवसाद की समस्या अधिक देखी जाती है विटिलिगो एक ऑटोइम्यून बीमारी है जिसमें त्वचा का रंग सफेद हो जाता है यह संक्रामक नहीं है और छूने से नहीं फैलता मरीजों में अवसाद की समस्या अधिक देखी जाती है विटिलिगो एक ऑटोइम्यून बीमारी है जिसमें त्वचा का रंग सफेद हो जाता है यह संक्रामक नहीं है और छूने से नहीं फैलता मरीजों में अवसाद की समस्या अधिक देखी जाती है
विशेषज्ञों ने कहा सामाजिक भेदभाव के कारण मरीज मानसिक तनाव में रहते हैं परिवार का सहयोग और सही जानकारी से इस स्थिति में सुधार संभव है नए उपचार उपलब्ध हैं विशेषज्ञों ने कहा सामाजिक भेदभाव के कारण मरीज मानसिक तनाव में रहते हैं परिवार का सहयोग और सही जानकारी से इस स्थिति में सुधार संभव है नए उपचार उपलब्ध हैं विशेषज्ञों ने कहा सामाजिक भेदभाव के कारण मरीज मानसिक तनाव में रहते हैं परिवार का सहयोग और सही जानकारी से इस स्थिति में सुधार संभव है नए उपचार उपलब्ध हैं विशेषज्ञों ने कहा सामाजिक भेदभाव के कारण मरीज मानसिक तनाव में रहते हैं परिवार का सहयोग और सही जानकारी से इस स्थिति में सुधार संभव है नए उपचार उपलब्ध हैं विशेषज्ञों ने कहा सामाजिक भेदभाव के कारण मरीज मानसिक तनाव में रहते हैं परिवार का सहयोग और सही जानकारी से इस स्थिति में सुधार संभव है नए उपचार उपलब्ध हैं विशेषज्ञों ने कहा सामाजिक भेदभाव के कारण मरीज मानसिक तनाव में रहते हैं परिवार का सहयोग और सही जानकारी से इस स्थिति में सुधार संभव है नए उपचार उपलब्ध हैं विशेषज्ञों ने कहा सामाजिक भेदभाव के कारण मरीज मानसिक तनाव में रहते हैं परिवार का सहयोग और सही जानकारी से इस स्थिति में सुधार संभव है नए उपचार उपलब्ध हैं विशेषज्ञों ने कहा सामाजिक भेदभाव के कारण मरीज मानसिक तनाव में रहते हैं परिवार का सहयोग और सही जानकारी से इस स्थिति में सुधार संभव है नए उपचार उपलब्ध हैं विशेषज्ञों ने कहा सामाजिक भेदभाव के कारण मरीज मानसिक तनाव में रहते हैं परिवार का सहयोग और सही जानकारी से इस स्थिति में सुधार संभव है नए उपचार उपलब्ध हैं
फोटोथेरेपी और सर्जिकल उपचार से कई मामलों में त्वचा का रंग वापस आ जाता है डॉक्टरों ने लोगों से अंधविश्वास से दूर रहने और समय पर इलाज कराने की अपील की फोटोथेरेपी और सर्जिकल उपचार से कई मामलों में त्वचा का रंग वापस आ जाता है डॉक्टरों ने लोगों से अंधविश्वास से दूर रहने और समय पर इलाज कराने की अपील की फोटोथेरेपी और सर्जिकल उपचार से कई मामलों में त्वचा का रंग वापस आ जाता है डॉक्टरों ने लोगों से अंधविश्वास से दूर रहने और समय पर इलाज कराने की अपील की फोटोथेरेपी और सर्जिकल उपचार से कई मामलों में त्वचा का रंग वापस आ जाता है डॉक्टरों ने लोगों से अंधविश्वास से दूर रहने और समय पर इलाज कराने की अपील की फोटोथेरेपी और सर्जिकल उपचार से कई मामलों में त्वचा का रंग वापस आ जाता है डॉक्टरों ने लोगों से अंधविश्वास से दूर रहने और समय पर इलाज कराने की अपील की फोटोथेरेपी और सर्जिकल उपचार से कई मामलों में त्वचा का रंग वापस आ जाता है डॉक्टरों ने लोगों से अंधविश्वास से दूर रहने और समय पर इलाज कराने की अपील की फोटोथेरेपी और सर्जिकल उपचार से कई मामलों में त्वचा का रंग वापस आ जाता है डॉक्टरों ने लोगों से अंधविश्वास से दूर रहने और समय पर इलाज कराने की अपील की फोटोथेरेपी और सर्जिकल उपचार से कई मामलों में त्वचा का रंग वापस आ जाता है डॉक्टरों ने लोगों से अंधविश्वास से दूर रहने और समय पर इलाज कराने की अपील की फोटोथेरेपी और सर्जिकल उपचार से कई मामलों में त्वचा का रंग वापस आ जाता है डॉक्टरों ने लोगों से अंधविश्वास से दूर रहने और समय पर इलाज कराने की अपील की
कार्यक्रम में मरीजों ने अपने अनुभव साझा किए और बताया कि किस प्रकार उन्होंने इस बीमारी के साथ जीना सीखा जागरूकता से ही इस रोग से जुड़ी भ्रांतियाँ दूर होंगी कार्यक्रम में मरीजों ने अपने अनुभव साझा किए और बताया कि किस प्रकार उन्होंने इस बीमारी के साथ जीना सीखा जागरूकता से ही इस रोग से जुड़ी भ्रांतियाँ दूर होंगी कार्यक्रम में मरीजों ने अपने अनुभव साझा किए और बताया कि किस प्रकार उन्होंने इस बीमारी के साथ जीना सीखा जागरूकता से ही इस रोग से जुड़ी भ्रांतियाँ दूर होंगी कार्यक्रम में मरीजों ने अपने अनुभव साझा किए और बताया कि किस प्रकार उन्होंने इस बीमारी के साथ जीना सीखा जागरूकता से ही इस रोग से जुड़ी भ्रांतियाँ दूर होंगी कार्यक्रम में मरीजों ने अपने अनुभव साझा किए और बताया कि किस प्रकार उन्होंने इस बीमारी के साथ जीना सीखा जागरूकता से ही इस रोग से जुड़ी भ्रांतियाँ दूर होंगी कार्यक्रम में मरीजों ने अपने अनुभव साझा किए और बताया कि किस प्रकार उन्होंने इस बीमारी के साथ जीना सीखा जागरूकता से ही इस रोग से जुड़ी भ्रांतियाँ दूर होंगी कार्यक्रम में मरीजों ने अपने अनुभव साझा किए और बताया कि किस प्रकार उन्होंने इस बीमारी के साथ जीना सीखा जागरूकता से ही इस रोग से जुड़ी भ्रांतियाँ दूर होंगी कार्यक्रम में मरीजों ने अपने अनुभव साझा किए और बताया कि किस प्रकार उन्होंने इस बीमारी के साथ जीना सीखा जागरूकता से ही इस रोग से जुड़ी भ्रांतियाँ दूर होंगी कार्यक्रम में मरीजों ने अपने अनुभव साझा किए और बताया कि किस प्रकार उन्होंने इस बीमारी के साथ जीना सीखा जागरूकता से ही इस रोग से जुड़ी भ्रांतियाँ दूर होंगी
विटिलिगो एक ऑटोइम्यून बीमारी है जिसमें त्वचा का रंग सफेद हो जाता है यह संक्रामक नहीं है और छूने से नहीं फैलता मरीजों में अवसाद की समस्या अधिक देखी जाती है विटिलिगो एक ऑटोइम्यून बीमारी है जिसमें त्वचा का रंग सफेद हो जाता है यह संक्रामक नहीं है और छूने से नहीं फैलता मरीजों में अवसाद की समस्या अधिक देखी जाती है विटिलिगो एक ऑटोइम्यून बीमारी है जिसमें त्वचा का रंग सफेद हो जाता है यह संक्रामक नहीं है और छूने से नहीं फैलता मरीजों में अवसाद की समस्या अधिक देखी जाती है विटिलिगो एक ऑटोइम्यून बीमारी है जिसमें त्वचा का रंग सफेद हो जाता है यह संक्रामक नहीं है और छूने से नहीं फैलता मरीजों में अवसाद की समस्या अधिक देखी जाती है विटिलिगो एक ऑटोइम्यून बीमारी है जिसमें त्वचा का रंग सफेद हो जाता है यह संक्रामक नहीं है और छूने से नहीं फैलता मरीजों में अवसाद की समस्या अधिक देखी जाती है विटिलिगो एक ऑटोइम्यून बीमारी है जिसमें त्वचा का रंग सफेद हो जाता है यह संक्रामक नहीं है और छूने से नहीं फैलता मरीजों में अवसाद की समस्या अधिक देखी जाती है विटिलिगो एक ऑटोइम्यून बीमारी है जिसमें त्वचा का रंग सफेद हो जाता है यह संक्रामक नहीं है और छूने से नहीं फैलता मरीजों में अवसाद की समस्या अधिक देखी जाती है विटिलिगो एक ऑटोइम्यून बीमारी है जिसमें त्वचा का रंग सफेद हो जाता है यह संक्रामक नहीं है और छूने से नहीं फैलता मरीजों में अवसाद की समस्या अधिक देखी जाती है विटिलिगो एक ऑटोइम्यून बीमारी है जिसमें त्वचा का रंग सफेद हो जाता है यह संक्रामक नहीं है और छूने से नहीं फैलता मरीजों में अवसाद की समस्या अधिक देखी जाती है
रिलायंस रिटेल को री-टेक अवार्ड का एलान
कारोबार संवाददाता
नई दिल्ली (ओ.वी.): भारत में रिटेल क्षेत्र की अग्रणी कंपनी रिलायंस रिटेल को प्रतिष्ठित री-टेक अवार्ड से सम्मानित किए जाने की घोषणा की गई यह पुरस्कार तकनीक के नवोन्मेषी उपयोग के लिए दिया जाता है नई दिल्ली (ओ.वी.): भारत में रिटेल क्षेत्र की अग्रणी कंपनी रिलायंस रिटेल को प्रतिष्ठित री-टेक अवार्ड से सम्मानित किए जाने की घोषणा की गई यह पुरस्कार तकनीक के नवोन्मेषी उपयोग के लिए दिया जाता है नई दिल्ली (ओ.वी.): भारत में रिटेल क्षेत्र की अग्रणी कंपनी रिलायंस रिटेल को प्रतिष्ठित री-टेक अवार्ड से सम्मानित किए जाने की घोषणा की गई यह पुरस्कार तकनीक के नवोन्मेषी उपयोग के लिए दिया जाता है नई दिल्ली (ओ.वी.): भारत में रिटेल क्षेत्र की अग्रणी कंपनी रिलायंस रिटेल को प्रतिष्ठित री-टेक अवार्ड से सम्मानित किए जाने की घोषणा की गई यह पुरस्कार तकनीक के नवोन्मेषी उपयोग के लिए दिया जाता है नई दिल्ली (ओ.वी.): भारत में रिटेल क्षेत्र की अग्रणी कंपनी रिलायंस रिटेल को प्रतिष्ठित री-टेक अवार्ड से सम्मानित किए जाने की घोषणा की गई यह पुरस्कार तकनीक के नवोन्मेषी उपयोग के लिए दिया जाता है नई दिल्ली (ओ.वी.): भारत में रिटेल क्षेत्र की अग्रणी कंपनी रिलायंस रिटेल को प्रतिष्ठित री-टेक अवार्ड से सम्मानित किए जाने की घोषणा की गई यह पुरस्कार तकनीक के नवोन्मेषी उपयोग के लिए दिया जाता है नई दिल्ली (ओ.वी.): भारत में रिटेल क्षेत्र की अग्रणी कंपनी रिलायंस रिटेल को प्रतिष्ठित री-टेक अवार्ड से सम्मानित किए जाने की घोषणा की गई यह पुरस्कार तकनीक के नवोन्मेषी उपयोग के लिए दिया जाता है नई दिल्ली (ओ.वी.): भारत में रिटेल क्षेत्र की अग्रणी कंपनी रिलायंस रिटेल को प्रतिष्ठित री-टेक अवार्ड से सम्मानित किए जाने की घोषणा की गई यह पुरस्कार तकनीक के नवोन्मेषी उपयोग के लिए दिया जाता है नई दिल्ली (ओ.वी.): भारत में रिटेल क्षेत्र की अग्रणी कंपनी रिलायंस रिटेल को प्रतिष्ठित री-टेक अवार्ड से सम्मानित किए जाने की घोषणा की गई यह पुरस्कार तकनीक के नवोन्मेषी उपयोग के लिए दिया जाता है
कंपनी ने डिजिटल भुगतान, आपूर्ति श्रृंखला प्रबंधन और ग्राहक अनुभव में नई तकनीकों का उपयोग किया है निर्णायक मंडल ने कहा कि रिलायंस रिटेल ने खुदरा व्यापार में क्रांति लाने का काम किया है कंपनी ने डिजिटल भुगतान, आपूर्ति श्रृंखला प्रबंधन और ग्राहक अनुभव में नई तकनीकों का उपयोग किया है निर्णायक मंडल ने कहा कि रिलायंस रिटेल ने खुदरा व्यापार में क्रांति लाने का काम किया है कंपनी ने डिजिटल भुगतान, आपूर्ति श्रृंखला प्रबंधन और ग्राहक अनुभव में नई तकनीकों का उपयोग किया है निर्णायक मंडल ने कहा कि रिलायंस रिटेल ने खुदरा व्यापार में क्रांति लाने का काम किया है कंपनी ने डिजिटल भुगतान, आपूर्ति श्रृंखला प्रबंधन और ग्राहक अनुभव में नई तकनीकों का उपयोग किया है निर्णायक मंडल ने कहा कि रिलायंस रिटेल ने खुदरा व्यापार में क्रांति लाने का काम किया है कंपनी ने डिजिटल भुगतान, आपूर्ति श्रृंखला प्रबंधन और ग्राहक अनुभव में नई तकनीकों का उपयोग किया है निर्णायक मंडल ने कहा कि रिलायंस रिटेल ने खुदरा व्यापार में क्रांति लाने का काम किया है कंपनी ने डिजिटल भुगतान, आपूर्ति श्रृंखला प्रबंधन और ग्राहक अनुभव में नई तकनीकों का उपयोग किया है निर्णायक मंडल ने कहा कि रिलायंस रिटेल ने खुदरा व्यापार में क्रांति लाने का काम किया है कंपनी ने डिजिटल भुगतान, आपूर्ति श्रृंखला प्रबंधन और ग्राहक अनुभव में नई तकनीकों का उपयोग किया है निर्णायक मंडल ने कहा कि रिलायंस रिटेल ने खुदरा व्यापार में क्रांति लाने का काम किया है कंपनी ने डिजिटल भुगतान, आपूर्ति श्रृंखला प्रबंधन और ग्राहक अनुभव में नई तकनीकों का उपयोग किया है निर्णायक मंडल ने कहा कि रिलायंस रिटेल ने खुदरा व्यापार में क्रांति लाने का काम किया है कंपनी ने डिजिटल भुगतान, आपूर्ति श्रृंखला प्रबंधन और ग्राहक अनुभव में नई तकनीकों का उपयोग किया है निर्णायक मंडल ने कहा कि रिलायंस रिटेल ने खुदरा व्यापार में क्रांति लाने का काम किया है
पुरस्कार समारोह अगले महीने मुंबई में आयोजित होगा जिसमें देश विदेश के कई उद्योगपति भाग लेंगे कंपनी के अधिकारियों ने इस उपलब्धि के लिए कर्मचारियों का आभार व्यक्त किया पुरस्कार समारोह अगले महीने मुंबई में आयोजित होगा जिसमें देश विदेश के कई उद्योगपति भाग लेंगे कंपनी के अधिकारियों ने इस उपलब्धि के लिए कर्मचारियों का आभार व्यक्त किया पुरस्कार समारोह अगले महीने मुंबई में आयोजित होगा जिसमें देश विदेश के कई उद्योगपति भाग लेंगे कंपनी के अधिकारियों ने इस उपलब्धि के लिए कर्मचारियों का आभार व्यक्त किया पुरस्कार समारोह अगले महीने मुंबई में आयोजित होगा जिसमें देश विदेश के कई उद्योगपति भाग लेंगे कंपनी के अधिकारियों ने इस उपलब्धि के लिए कर्मचारियों का आभार व्यक्त किया पुरस्कार समारोह अगले महीने मुंबई में आयोजित होगा जिसमें देश विदेश के कई उद्योगपति भाग लेंगे कंपनी के अधिकारियों ने इस उपलब्धि के लिए कर्मचारियों का आभार व्यक्त किया पुरस्कार समारोह अगले महीने मुंबई में आयोजित होगा जिसमें देश विदेश के कई उद्योगपति भाग लेंगे कंपनी के अधिकारियों ने इस उपलब्धि के लिए कर्मचारियों का आभार व्यक्त किया पुरस्कार समारोह अगले महीने मुंबई में आयोजित होगा जिसमें देश विदेश के कई उद्योगपति भाग लेंगे कंपनी के अधिकारियों ने इस उपलब्धि के लिए कर्मचारियों का आभार व्यक्त किया पुरस्कार समारोह अगले महीने मुंबई में आयोजित होगा जिसमें देश विदेश के कई उद्योगपति भाग लेंगे कंपनी के अधिकारियों ने इस उपलब्धि के लिए कर्मचारियों का आभार व्यक्त किया पुरस्कार समारोह अगले महीने मुंबई में आयोजित होगा जिसमें देश विदेश के कई उद्योगपति भाग लेंगे कंपनी के अधिकारियों ने इस उपलब्धि के लिए कर्मचारियों का आभार व्यक्त किया
7 नई दिल्ली, 22 से 28 जून-2018	कारोबार	ओपन वॉयस
